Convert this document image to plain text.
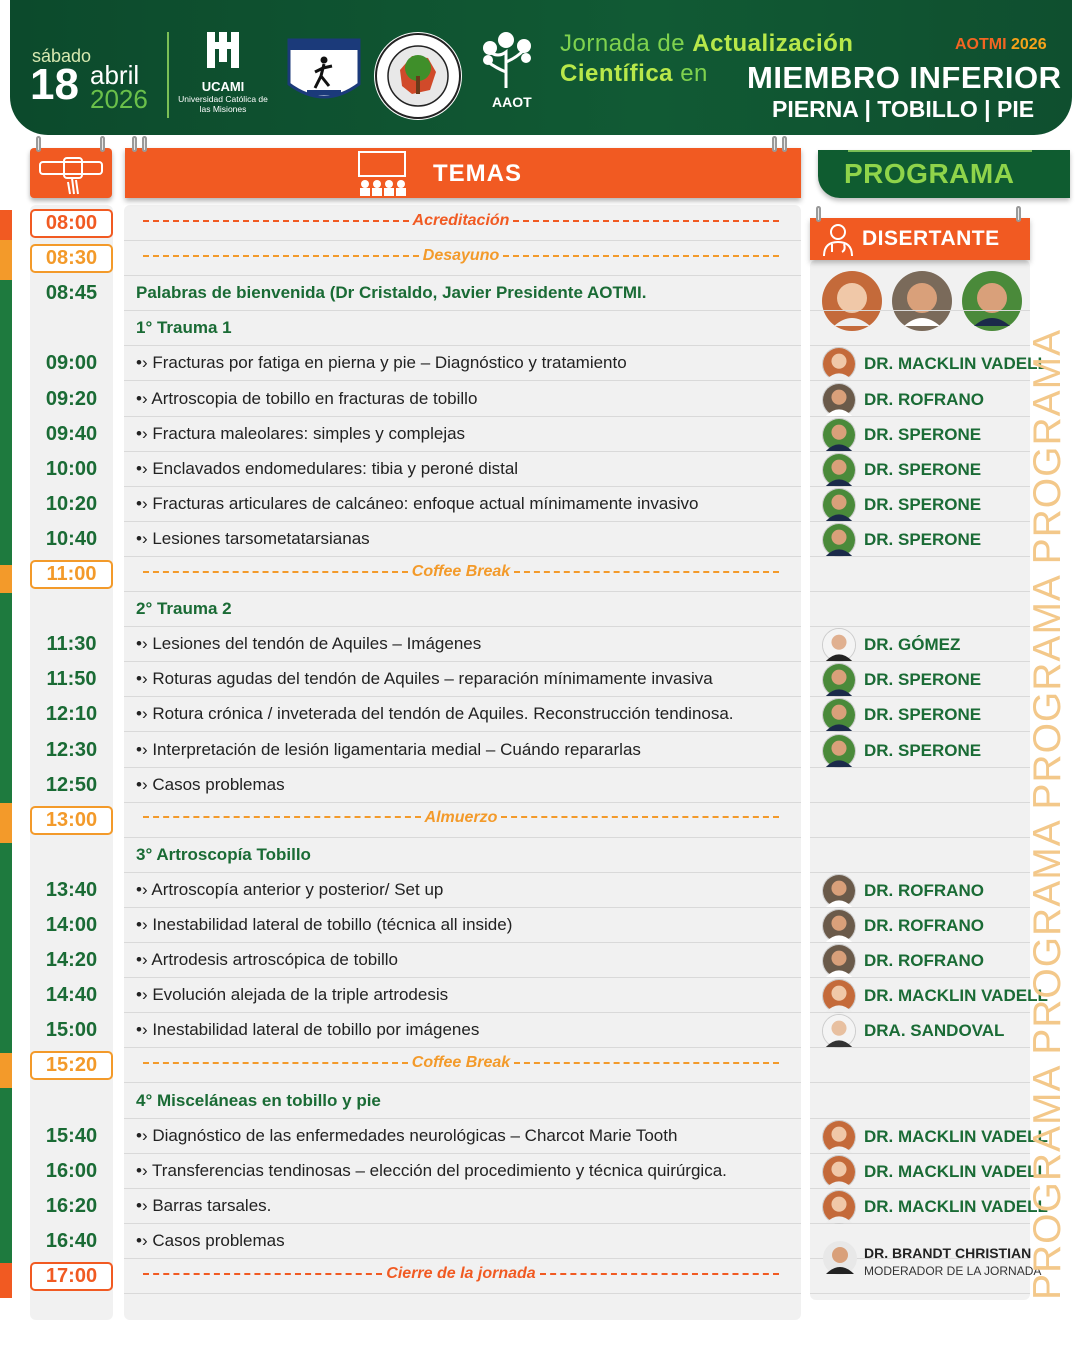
sábado
18 abril
2026	UCAMI
Universidad Católica de las Misiones	AAOT
Jornada de Actualización
Científica en MIEMBRO INFERIOR
PIERNA | TOBILLO | PIE
AOTMI 2026
TEMAS	PROGRAMA
DISERTANTE
08:00	Acreditación
08:30	Desayuno
08:45	Palabras de bienvenida (Dr Cristaldo, Javier Presidente AOTMI.
1° Trauma 1
09:00	•› Fracturas por fatiga en pierna y pie – Diagnóstico y tratamiento	DR. MACKLIN VADELL
09:20	•› Artroscopia de tobillo en fracturas de tobillo	DR. ROFRANO
09:40	•› Fractura maleolares: simples y complejas	DR. SPERONE
10:00	•› Enclavados endomedulares: tibia y peroné distal	DR. SPERONE
10:20	•› Fracturas articulares de calcáneo: enfoque actual mínimamente invasivo	DR. SPERONE
10:40	•› Lesiones tarsometatarsianas	DR. SPERONE
11:00	Coffee Break
2° Trauma 2
11:30	•› Lesiones del tendón de Aquiles – Imágenes	DR. GÓMEZ
11:50	•› Roturas agudas del tendón de Aquiles – reparación mínimamente invasiva	DR. SPERONE
12:10	•› Rotura crónica / inveterada del tendón de Aquiles. Reconstrucción tendinosa.	DR. SPERONE
12:30	•› Interpretación de lesión ligamentaria medial – Cuándo repararlas	DR. SPERONE
12:50	•› Casos problemas
13:00	Almuerzo
3° Artroscopía Tobillo
13:40	•› Artroscopía anterior y posterior/ Set up	DR. ROFRANO
14:00	•› Inestabilidad lateral de tobillo (técnica all inside)	DR. ROFRANO
14:20	•› Artrodesis artroscópica de tobillo	DR. ROFRANO
14:40	•› Evolución alejada de la triple artrodesis	DR. MACKLIN VADELL
15:00	•› Inestabilidad lateral de tobillo por imágenes	DRA. SANDOVAL
15:20	Coffee Break
4° Misceláneas en tobillo y pie
15:40	•› Diagnóstico de las enfermedades neurológicas – Charcot Marie Tooth	DR. MACKLIN VADELL
16:00	•› Transferencias tendinosas – elección del procedimiento y técnica quirúrgica.	DR. MACKLIN VADELL
16:20	•› Barras tarsales.	DR. MACKLIN VADELL
16:40	•› Casos problemas
17:00	Cierre de la jornada
DR. BRANDT CHRISTIAN
MODERADOR DE LA JORNADA
PROGRAMA PROGRAMA PROGRAMA PROGRAMA
